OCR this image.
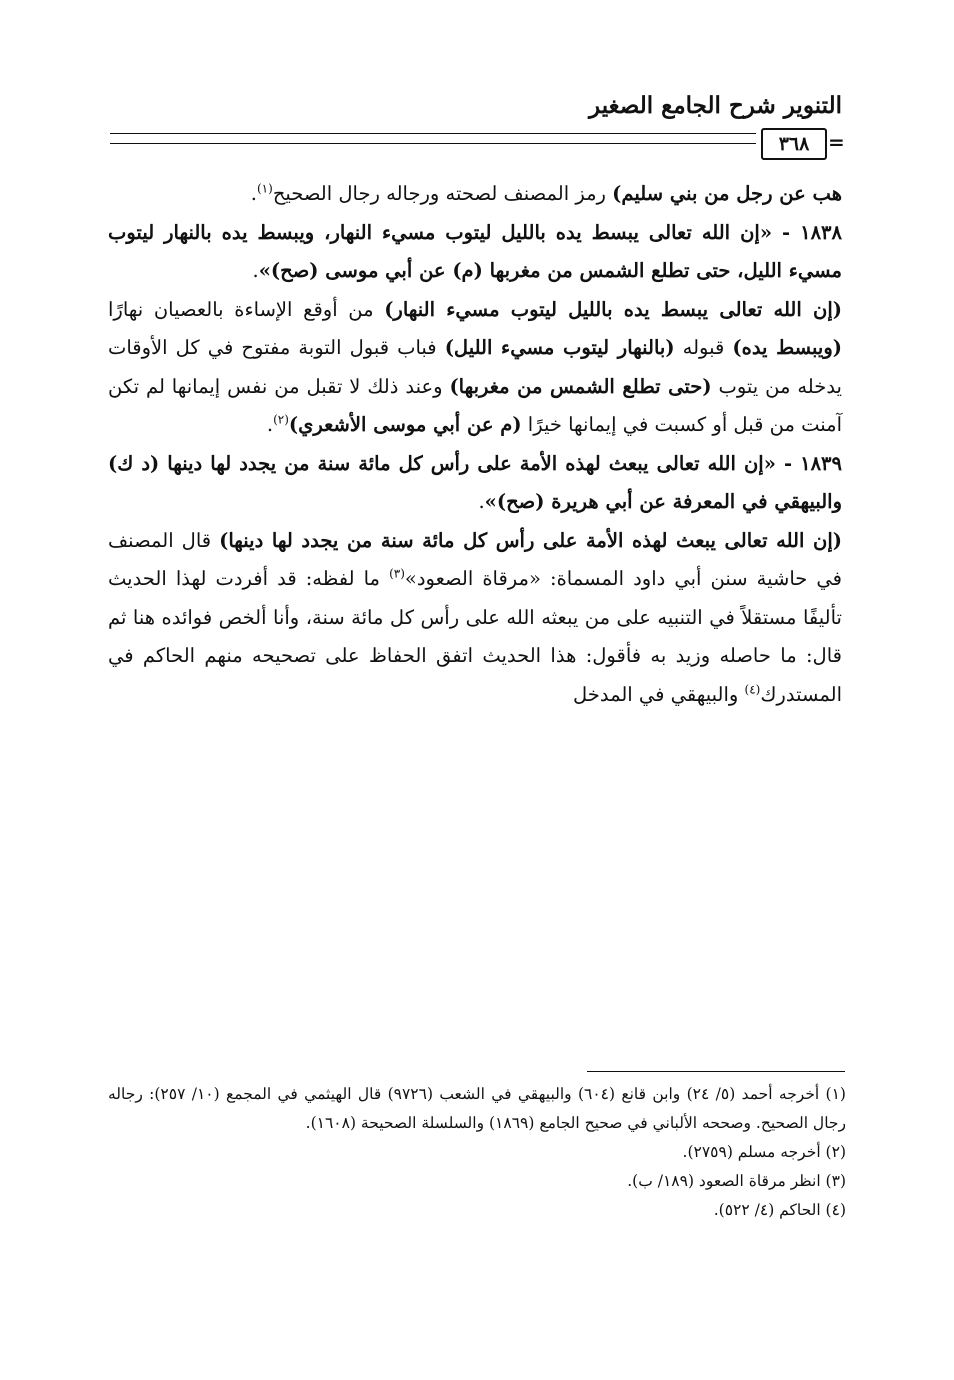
التنوير شرح الجامع الصغير
٣٦٨ =

هب عن رجل من بني سليم) رمز المصنف لصحته ورجاله رجال الصحيح$^{(١)}$.

١٨٣٨ - «إن الله تعالى يبسط يده بالليل ليتوب مسيء النهار، ويبسط يده بالنهار ليتوب مسيء الليل، حتى تطلع الشمس من مغربها (م) عن أبي موسى (صح)».

(إن الله تعالى يبسط يده بالليل ليتوب مسيء النهار) من أوقع الإساءة بالعصيان نهارًا (ويبسط يده) قبوله (بالنهار ليتوب مسيء الليل) فباب قبول التوبة مفتوح في كل الأوقات يدخله من يتوب (حتى تطلع الشمس من مغربها) وعند ذلك لا تقبل من نفس إيمانها لم تكن آمنت من قبل أو كسبت في إيمانها خيرًا (م عن أبي موسى الأشعري)$^{(٢)}$.

١٨٣٩ - «إن الله تعالى يبعث لهذه الأمة على رأس كل مائة سنة من يجدد لها دينها (د ك) والبيهقي في المعرفة عن أبي هريرة (صح)».

(إن الله تعالى يبعث لهذه الأمة على رأس كل مائة سنة من يجدد لها دينها) قال المصنف في حاشية سنن أبي داود المسماة: «مرقاة الصعود»$^{(٣)}$ ما لفظه: قد أفردت لهذا الحديث تأليفًا مستقلاً في التنبيه على من يبعثه الله على رأس كل مائة سنة، وأنا ألخص فوائده هنا ثم قال: ما حاصله وزيد به فأقول: هذا الحديث اتفق الحفاظ على تصحيحه منهم الحاكم في المستدرك$^{(٤)}$ والبيهقي في المدخل

(١) أخرجه أحمد (٥/ ٢٤) وابن قانع (٦٠٤) والبيهقي في الشعب (٩٧٢٦) قال الهيثمي في المجمع (١٠/ ٢٥٧): رجاله رجال الصحيح. وصححه الألباني في صحيح الجامع (١٨٦٩) والسلسلة الصحيحة (١٦٠٨).

(٢) أخرجه مسلم (٢٧٥٩).

(٣) انظر مرقاة الصعود (١٨٩/ ب).

(٤) الحاكم (٤/ ٥٢٢).
